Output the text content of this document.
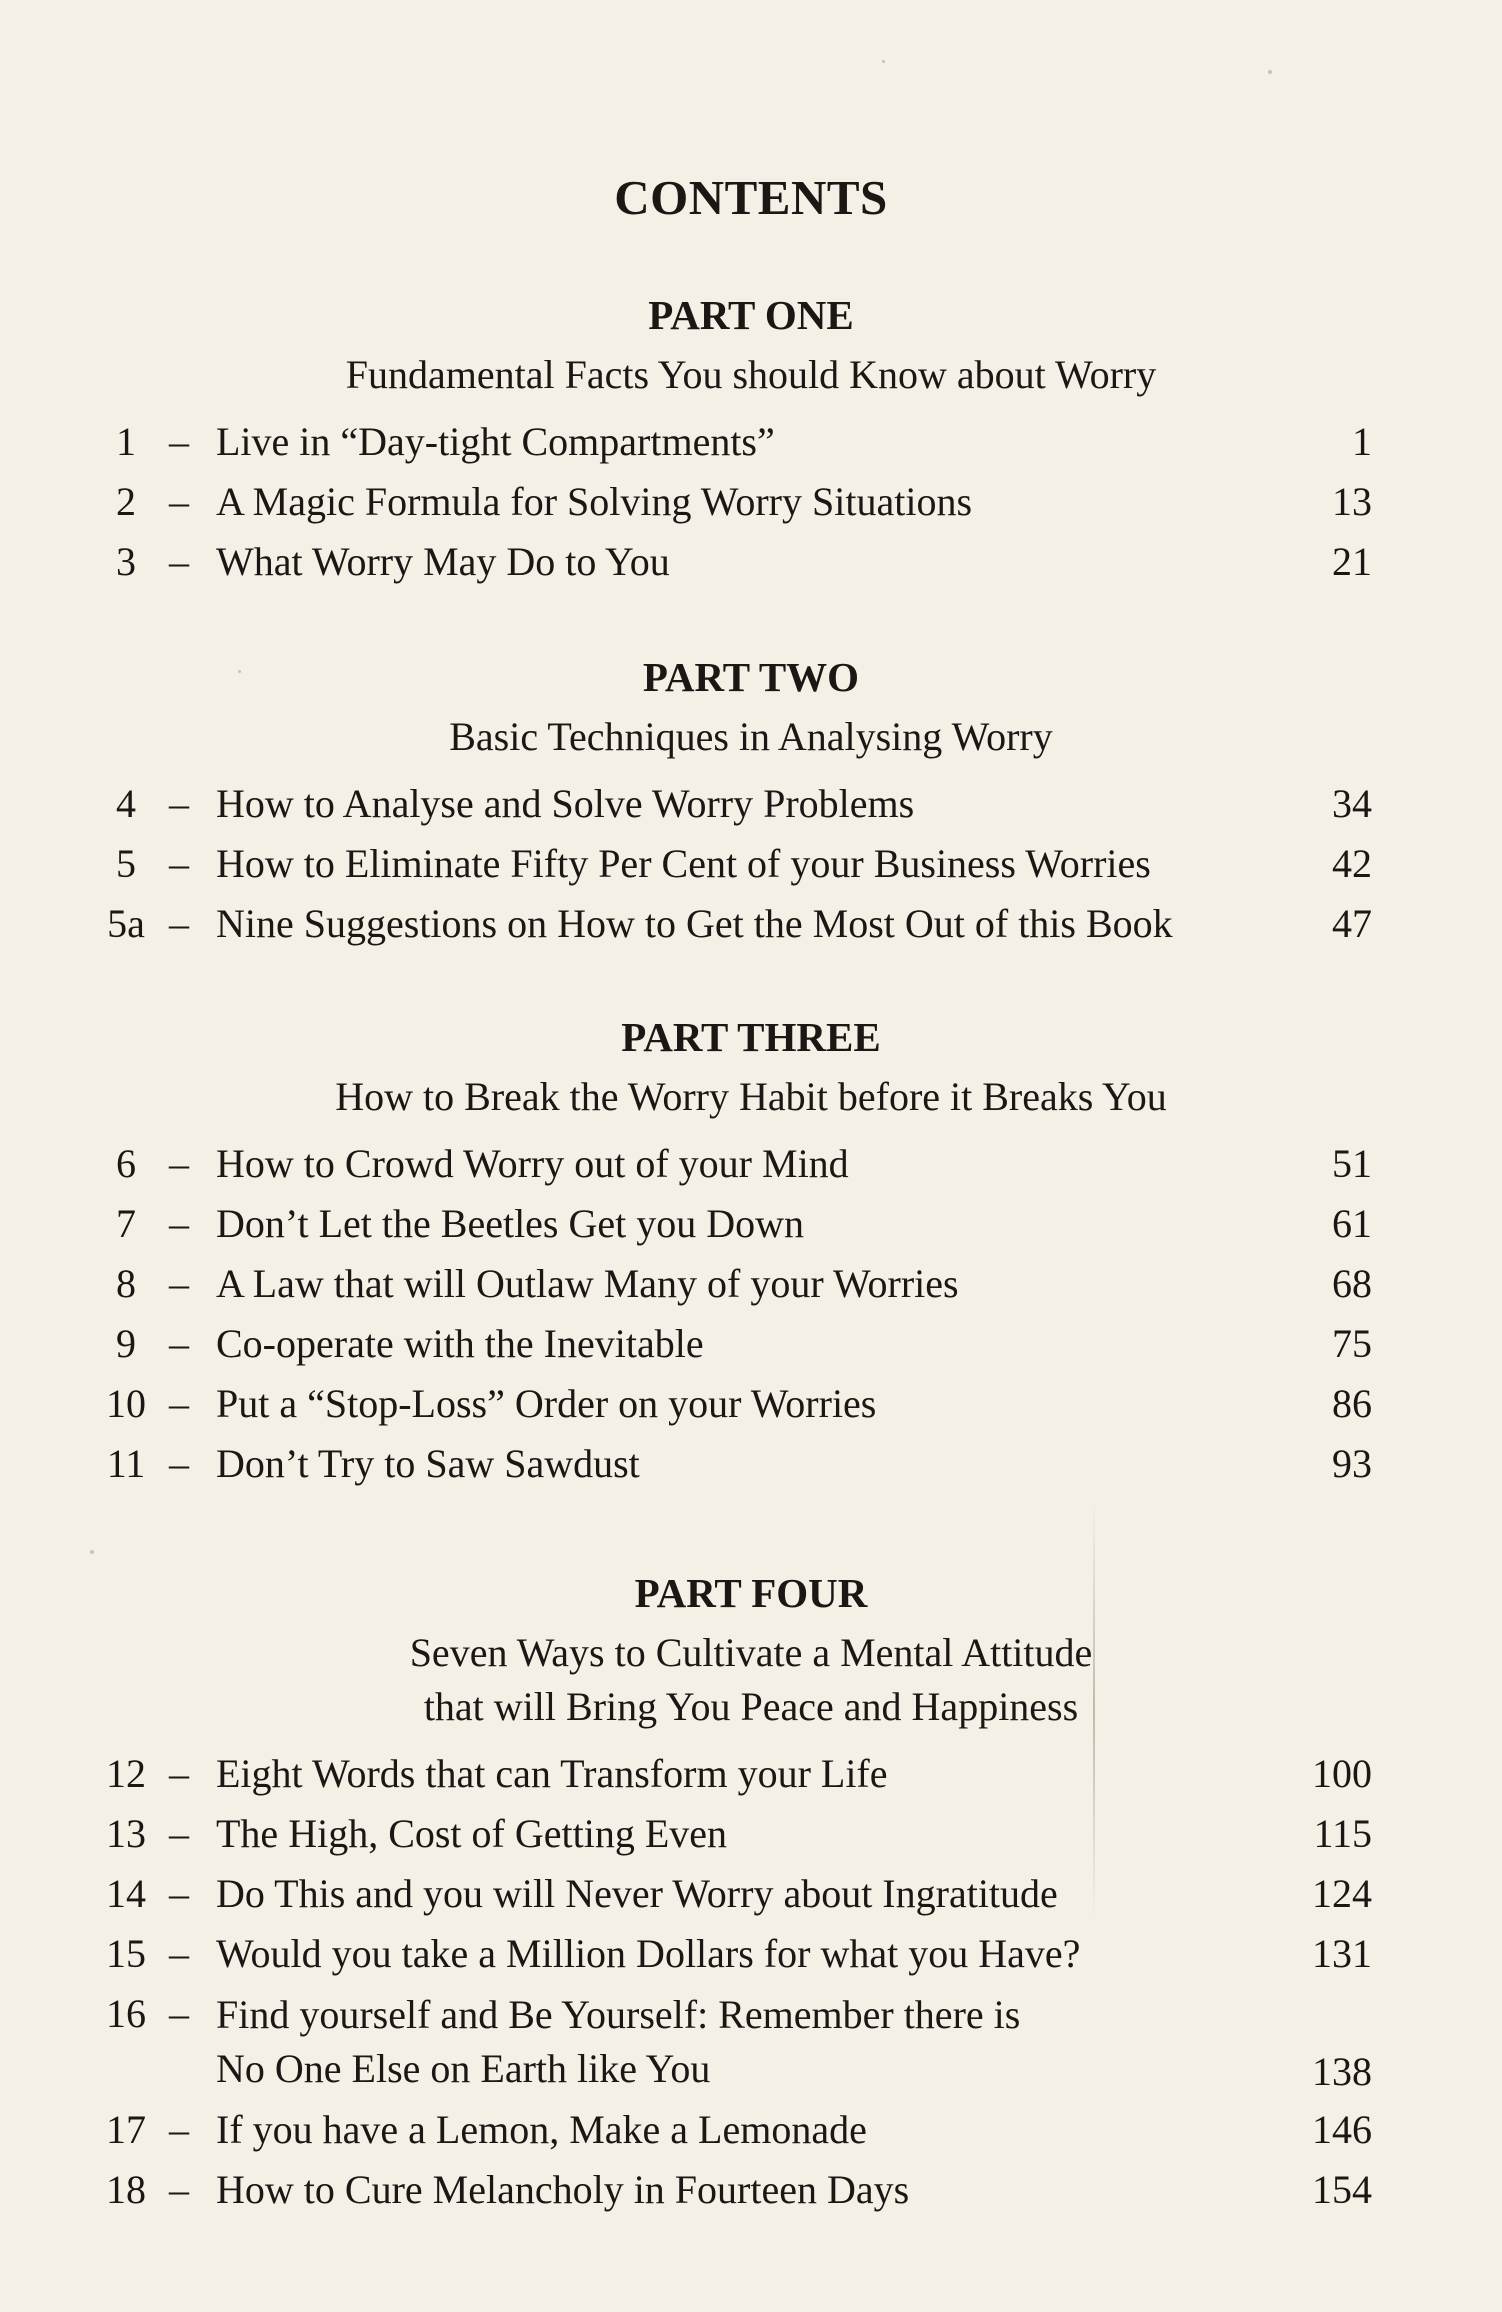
CONTENTS
PART ONE
Fundamental Facts You should Know about Worry
1 – Live in “Day-tight Compartments”	1
2 – A Magic Formula for Solving Worry Situations	13
3 – What Worry May Do to You	21
PART TWO
Basic Techniques in Analysing Worry
4 – How to Analyse and Solve Worry Problems	34
5 – How to Eliminate Fifty Per Cent of your Business Worries	42
5a – Nine Suggestions on How to Get the Most Out of this Book	47
PART THREE
How to Break the Worry Habit before it Breaks You
6 – How to Crowd Worry out of your Mind	51
7 – Don’t Let the Beetles Get you Down	61
8 – A Law that will Outlaw Many of your Worries	68
9 – Co-operate with the Inevitable	75
10 – Put a “Stop-Loss” Order on your Worries	86
11 – Don’t Try to Saw Sawdust	93
PART FOUR
Seven Ways to Cultivate a Mental Attitude
that will Bring You Peace and Happiness
12 – Eight Words that can Transform your Life	100
13 – The High, Cost of Getting Even	115
14 – Do This and you will Never Worry about Ingratitude	124
15 – Would you take a Million Dollars for what you Have?	131
16 – Find yourself and Be Yourself: Remember there is
No One Else on Earth like You	138
17 – If you have a Lemon, Make a Lemonade	146
18 – How to Cure Melancholy in Fourteen Days	154
